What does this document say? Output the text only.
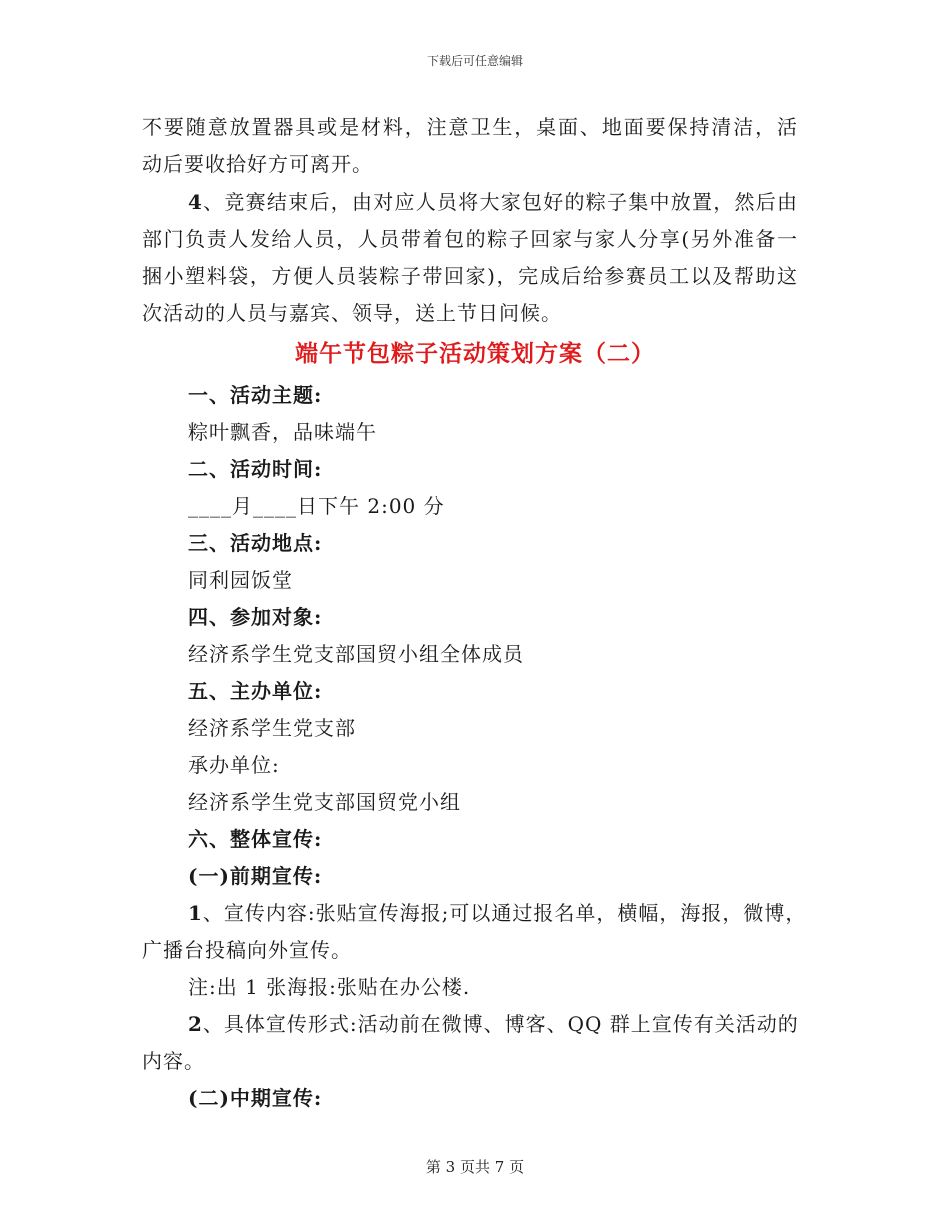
下载后可任意编辑
不要随意放置器具或是材料，注意卫生，桌面、地面要保持清洁，活
动后要收拾好方可离开。
4、竞赛结束后，由对应人员将大家包好的粽子集中放置，然后由
部门负责人发给人员，人员带着包的粽子回家与家人分享(另外准备一
捆小塑料袋，方便人员装粽子带回家)，完成后给参赛员工以及帮助这
次活动的人员与嘉宾、领导，送上节日问候。
端午节包粽子活动策划方案（二）
一、活动主题:
粽叶飘香，品味端午
二、活动时间:
____月____日下午 2:00 分
三、活动地点:
同利园饭堂
四、参加对象:
经济系学生党支部国贸小组全体成员
五、主办单位:
经济系学生党支部
承办单位:
经济系学生党支部国贸党小组
六、整体宣传:
(一)前期宣传:
1、宣传内容:张贴宣传海报;可以通过报名单，横幅，海报，微博，
广播台投稿向外宣传。
注:出 1 张海报:张贴在办公楼.
2、具体宣传形式:活动前在微博、博客、QQ 群上宣传有关活动的
内容。
(二)中期宣传:
第 3 页共 7 页
